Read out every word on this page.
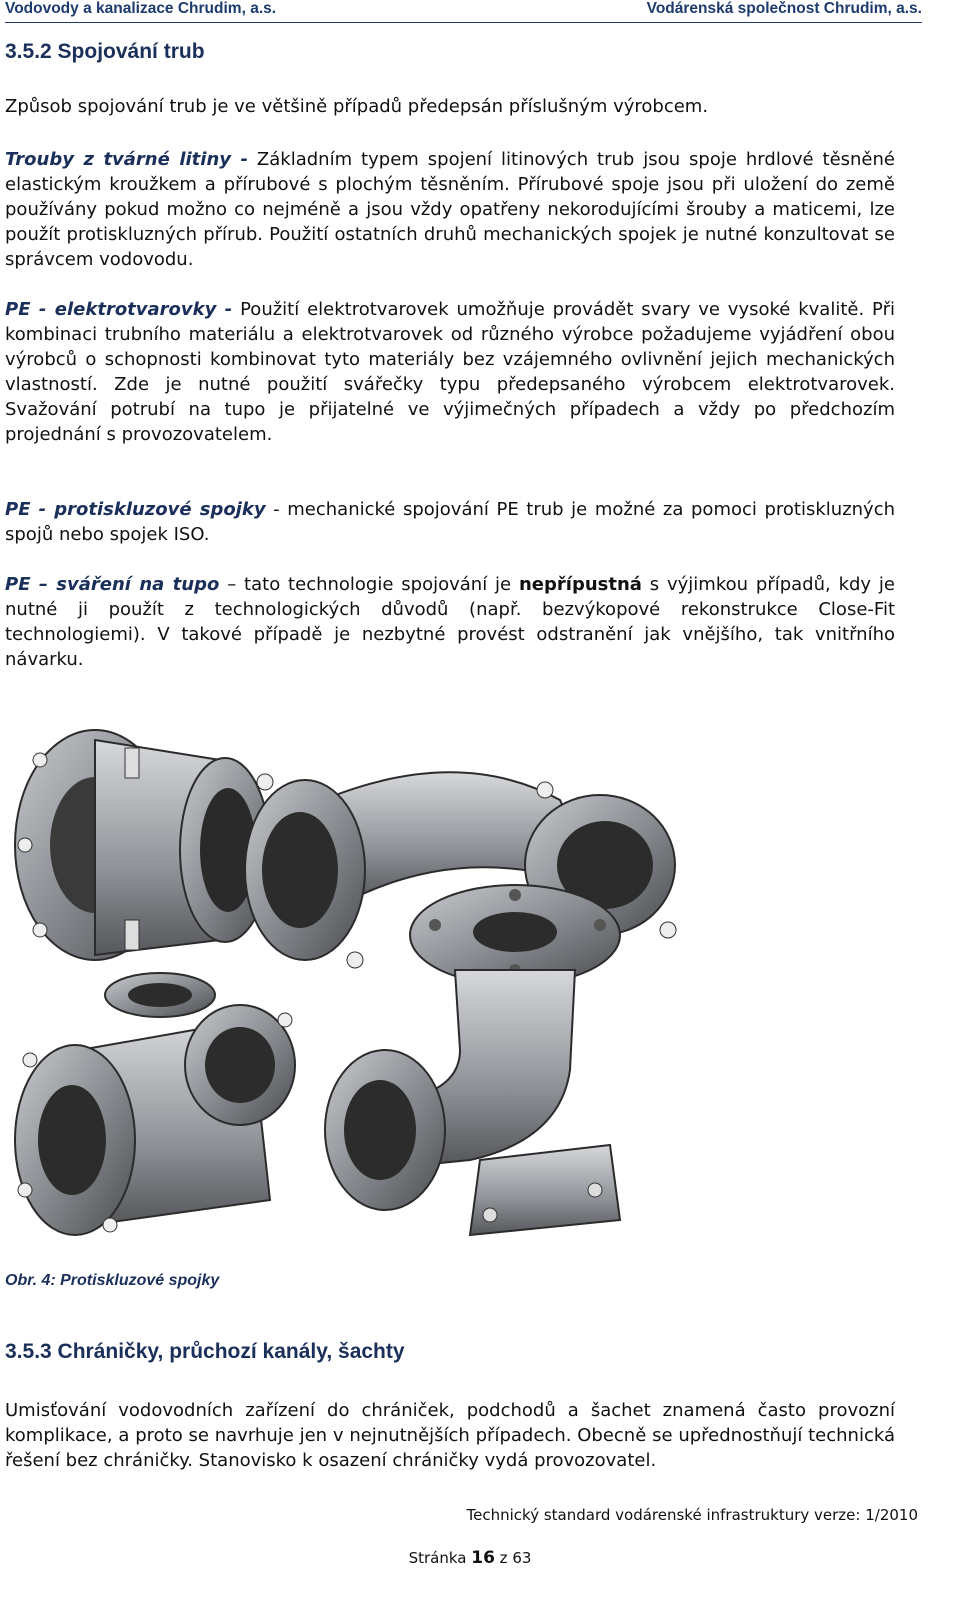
Vodovody a kanalizace Chrudim, a.s.	Vodárenská společnost Chrudim, a.s.
3.5.2 Spojování trub

Způsob spojování trub je ve většině případů předepsán příslušným výrobcem.

Trouby z tvárné litiny - Základním typem spojení litinových trub jsou spoje hrdlové těsněné elastickým kroužkem a přírubové s plochým těsněním. Přírubové spoje jsou při uložení do země používány pokud možno co nejméně a jsou vždy opatřeny nekorodujícími šrouby a maticemi, lze použít protiskluzných přírub. Použití ostatních druhů mechanických spojek je nutné konzultovat se správcem vodovodu.

PE - elektrotvarovky - Použití elektrotvarovek umožňuje provádět svary ve vysoké kvalitě. Při kombinaci trubního materiálu a elektrotvarovek od různého výrobce požadujeme vyjádření obou výrobců o schopnosti kombinovat tyto materiály bez vzájemného ovlivnění jejich mechanických vlastností. Zde je nutné použití svářečky typu předepsaného výrobcem elektrotvarovek. Svažování potrubí na tupo je přijatelné ve výjimečných případech a vždy po předchozím projednání s provozovatelem.

PE - protiskluzové spojky - mechanické spojování PE trub je možné za pomoci protiskluzných spojů nebo spojek ISO.

PE – sváření na tupo – tato technologie spojování je nepřípustná s výjimkou případů, kdy je nutné ji použít z technologických důvodů (např. bezvýkopové rekonstrukce Close-Fit technologiemi). V takové případě je nezbytné provést odstranění jak vnějšího, tak vnitřního návarku.

Obr. 4: Protiskluzové spojky
3.5.3 Chráničky, průchozí kanály, šachty

Umisťování vodovodních zařízení do chrániček, podchodů a šachet znamená často provozní komplikace, a proto se navrhuje jen v nejnutnějších případech. Obecně se upřednostňují technická řešení bez chráničky. Stanovisko k osazení chráničky vydá provozovatel.

Technický standard vodárenské infrastruktury verze: 1/2010
Stránka 16 z 63
